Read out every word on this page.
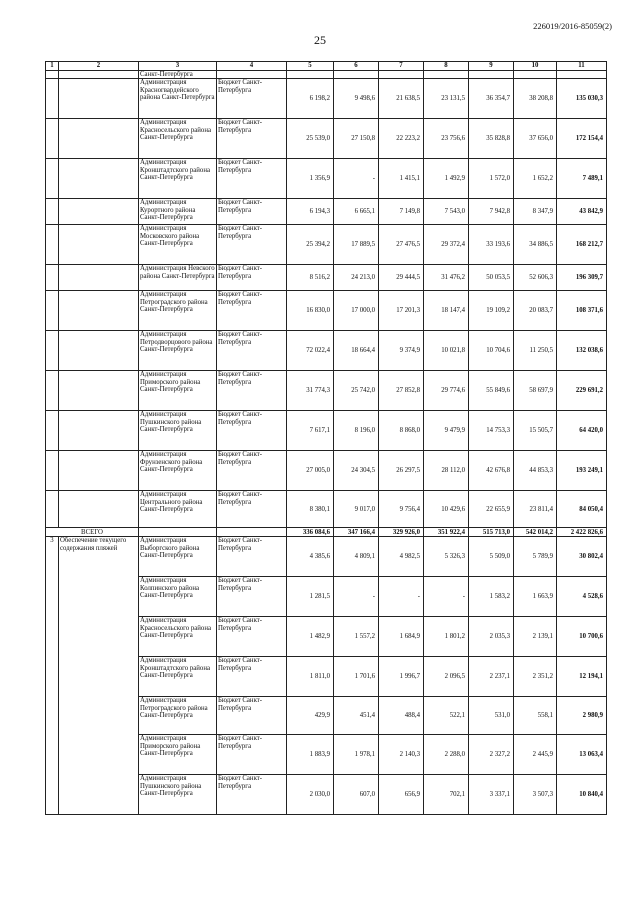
226019/2016-85059(2)
25
1	2	3	4	5	6	7	8	9	10	11
		Санкт-Петербурга								
		Администрация Красногвардейского района Санкт-Петербурга	Бюджет Санкт-Петербурга	6 198,2	9 498,6	21 638,5	23 131,5	36 354,7	38 208,8	135 030,3
		Администрация Красносельского района Санкт-Петербурга	Бюджет Санкт-Петербурга	25 539,0	27 150,8	22 223,2	23 756,6	35 828,8	37 656,0	172 154,4
		Администрация Кронштадтского района Санкт-Петербурга	Бюджет Санкт-Петербурга	1 356,9	-	1 415,1	1 492,9	1 572,0	1 652,2	7 489,1
		Администрация Курортного района Санкт-Петербурга	Бюджет Санкт-Петербурга	6 194,3	6 665,1	7 149,8	7 543,0	7 942,8	8 347,9	43 842,9
		Администрация Московского района Санкт-Петербурга	Бюджет Санкт-Петербурга	25 394,2	17 889,5	27 476,5	29 372,4	33 193,6	34 886,5	168 212,7
		Администрация Невского района Санкт-Петербурга	Бюджет Санкт-Петербурга	8 516,2	24 213,0	29 444,5	31 476,2	50 053,5	52 606,3	196 309,7
		Администрация Петроградского района Санкт-Петербурга	Бюджет Санкт-Петербурга	16 830,0	17 000,0	17 201,3	18 147,4	19 109,2	20 083,7	108 371,6
		Администрация Петродворцового района Санкт-Петербурга	Бюджет Санкт-Петербурга	72 022,4	18 664,4	9 374,9	10 021,8	10 704,6	11 250,5	132 038,6
		Администрация Приморского района Санкт-Петербурга	Бюджет Санкт-Петербурга	31 774,3	25 742,0	27 852,8	29 774,6	55 849,6	58 697,9	229 691,2
		Администрация Пушкинского района Санкт-Петербурга	Бюджет Санкт-Петербурга	7 617,1	8 196,0	8 868,0	9 479,9	14 753,3	15 505,7	64 420,0
		Администрация Фрунзенского района Санкт-Петербурга	Бюджет Санкт-Петербурга	27 005,0	24 304,5	26 297,5	28 112,0	42 676,8	44 853,3	193 249,1
		Администрация Центрального района Санкт-Петербурга	Бюджет Санкт-Петербурга	8 380,1	9 017,0	9 756,4	10 429,6	22 655,9	23 811,4	84 050,4
ВСЕГО				336 084,6	347 166,4	329 926,0	351 922,4	515 713,0	542 014,2	2 422 826,6
3	Обеспечение текущего содержания пляжей	Администрация Выборгского района Санкт-Петербурга	Бюджет Санкт-Петербурга	4 385,6	4 809,1	4 982,5	5 326,3	5 509,0	5 789,9	30 802,4
		Администрация Колпинского района Санкт-Петербурга	Бюджет Санкт-Петербурга	1 281,5	-	-	-	1 583,2	1 663,9	4 528,6
		Администрация Красносельского района Санкт-Петербурга	Бюджет Санкт-Петербурга	1 482,9	1 557,2	1 684,9	1 801,2	2 035,3	2 139,1	10 700,6
		Администрация Кронштадтского района Санкт-Петербурга	Бюджет Санкт-Петербурга	1 811,0	1 701,6	1 996,7	2 096,5	2 237,1	2 351,2	12 194,1
		Администрация Петроградского района Санкт-Петербурга	Бюджет Санкт-Петербурга	429,9	451,4	488,4	522,1	531,0	558,1	2 980,9
		Администрация Приморского района Санкт-Петербурга	Бюджет Санкт-Петербурга	1 883,9	1 978,1	2 140,3	2 288,0	2 327,2	2 445,9	13 063,4
		Администрация Пушкинского района Санкт-Петербурга	Бюджет Санкт-Петербурга	2 030,0	607,0	656,9	702,1	3 337,1	3 507,3	10 840,4
